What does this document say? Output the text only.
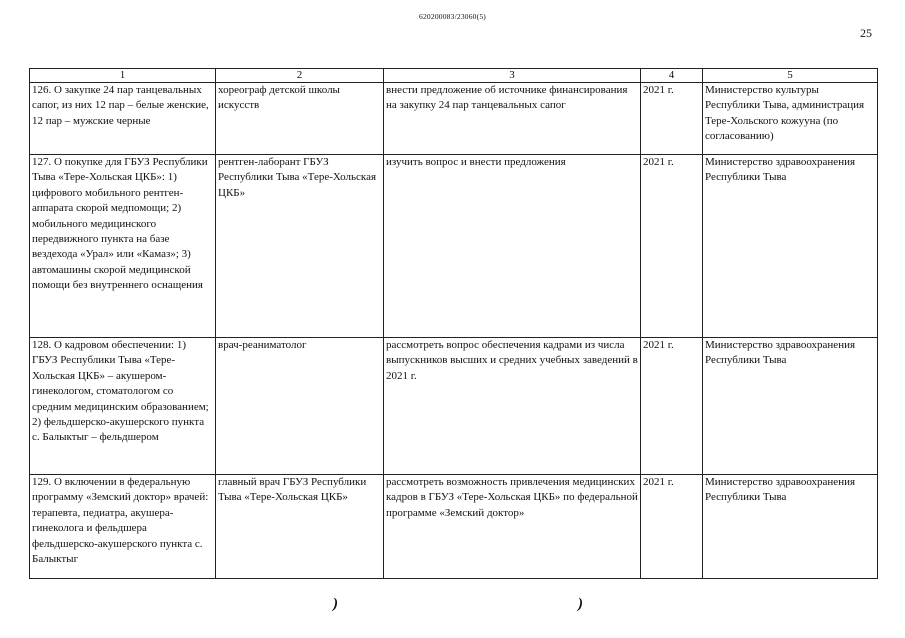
620200083/23060(5)
25
1	2	3	4	5
126. О закупке 24 пар танцевальных сапог, из них 12 пар – белые женские, 12 пар – мужские черные	хореограф детской школы искусств	внести предложение об источнике финансирования на закупку 24 пар танцевальных сапог	2021 г.	Министерство культуры Республики Тыва, администрация Тере-Хольского кожууна (по согласованию)
127. О покупке для ГБУЗ Республики Тыва «Тере-Хольская ЦКБ»: 1) цифрового мобильного рентген-аппарата скорой медпомощи; 2) мобильного медицинского передвижного пункта на базе вездехода «Урал» или «Камаз»; 3) автомашины скорой медицинской помощи без внутреннего оснащения	рентген-лаборант ГБУЗ Республики Тыва «Тере-Хольская ЦКБ»	изучить вопрос и внести предложения	2021 г.	Министерство здравоохранения Республики Тыва
128. О кадровом обеспечении: 1) ГБУЗ Республики Тыва «Тере-Хольская ЦКБ» – акушером-гинекологом, стоматологом со средним медицинским образованием; 2) фельдшерско-акушерского пункта с. Балыктыг – фельдшером	врач-реаниматолог	рассмотреть вопрос обеспечения кадрами из числа выпускников высших и средних учебных заведений в 2021 г.	2021 г.	Министерство здравоохранения Республики Тыва
129. О включении в федеральную программу «Земский доктор» врачей: терапевта, педиатра, акушера-гинеколога и фельдшера фельдшерско-акушерского пункта с. Балыктыг	главный врач ГБУЗ Республики Тыва «Тере-Хольская ЦКБ»	рассмотреть возможность привлечения медицинских кадров в ГБУЗ «Тере-Хольская ЦКБ» по федеральной программе «Земский доктор»	2021 г.	Министерство здравоохранения Республики Тыва
)	)
